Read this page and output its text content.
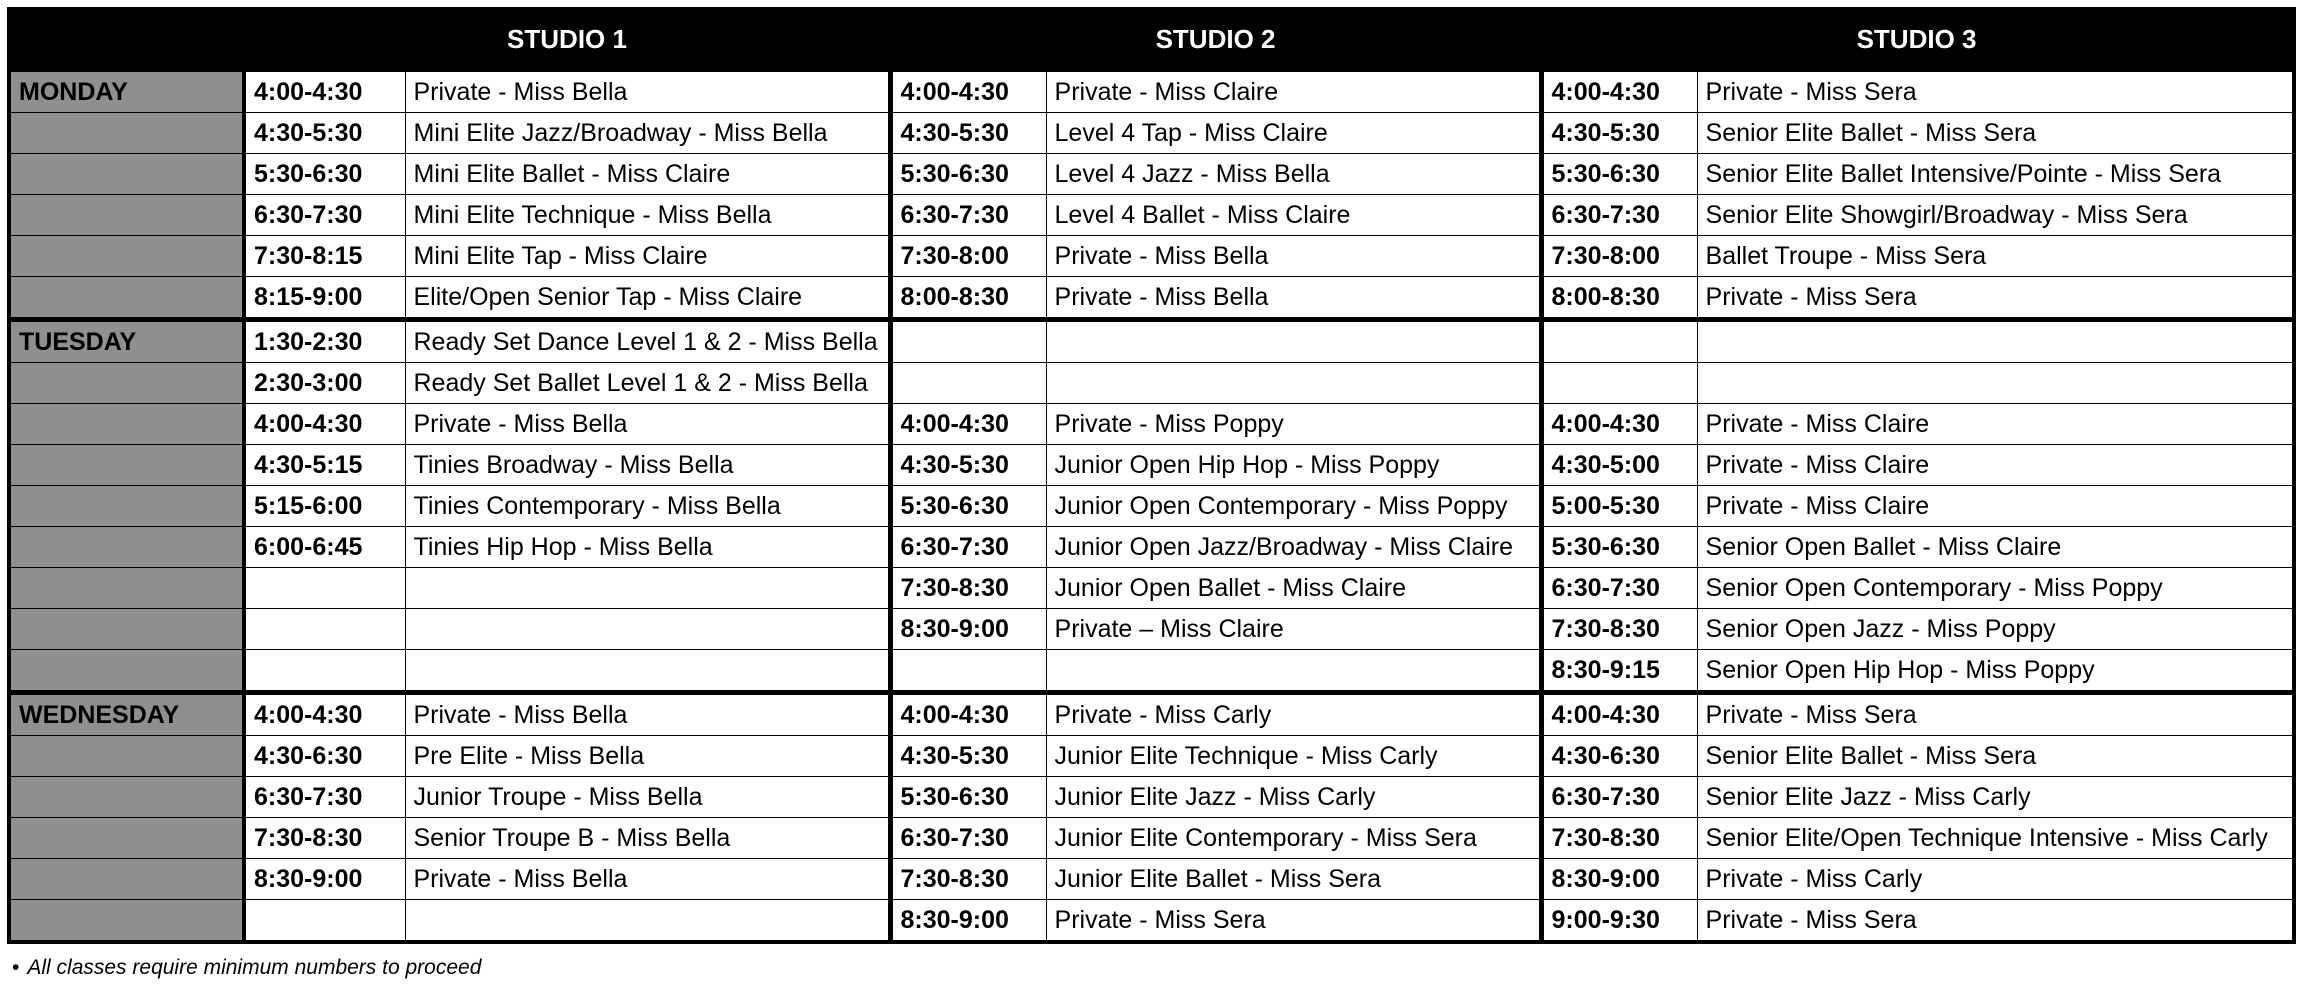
	STUDIO 1		STUDIO 2		STUDIO 3	
MONDAY	4:00-4:30	Private - Miss Bella	4:00-4:30	Private - Miss Claire	4:00-4:30	Private - Miss Sera
	4:30-5:30	Mini Elite Jazz/Broadway - Miss Bella	4:30-5:30	Level 4 Tap - Miss Claire	4:30-5:30	Senior Elite Ballet - Miss Sera
	5:30-6:30	Mini Elite Ballet - Miss Claire	5:30-6:30	Level 4 Jazz - Miss Bella	5:30-6:30	Senior Elite Ballet Intensive/Pointe - Miss Sera
	6:30-7:30	Mini Elite Technique - Miss Bella	6:30-7:30	Level 4 Ballet - Miss Claire	6:30-7:30	Senior Elite Showgirl/Broadway - Miss Sera
	7:30-8:15	Mini Elite Tap - Miss Claire	7:30-8:00	Private - Miss Bella	7:30-8:00	Ballet Troupe - Miss Sera
	8:15-9:00	Elite/Open Senior Tap - Miss Claire	8:00-8:30	Private - Miss Bella	8:00-8:30	Private - Miss Sera
TUESDAY	1:30-2:30	Ready Set Dance Level 1 & 2 - Miss Bella				
	2:30-3:00	Ready Set Ballet Level 1 & 2 - Miss Bella				
	4:00-4:30	Private - Miss Bella	4:00-4:30	Private - Miss Poppy	4:00-4:30	Private - Miss Claire
	4:30-5:15	Tinies Broadway - Miss Bella	4:30-5:30	Junior Open Hip Hop - Miss Poppy	4:30-5:00	Private - Miss Claire
	5:15-6:00	Tinies Contemporary - Miss Bella	5:30-6:30	Junior Open Contemporary - Miss Poppy	5:00-5:30	Private - Miss Claire
	6:00-6:45	Tinies Hip Hop - Miss Bella	6:30-7:30	Junior Open Jazz/Broadway - Miss Claire	5:30-6:30	Senior Open Ballet - Miss Claire
			7:30-8:30	Junior Open Ballet - Miss Claire	6:30-7:30	Senior Open Contemporary - Miss Poppy
			8:30-9:00	Private – Miss Claire	7:30-8:30	Senior Open Jazz - Miss Poppy
					8:30-9:15	Senior Open Hip Hop - Miss Poppy
WEDNESDAY	4:00-4:30	Private - Miss Bella	4:00-4:30	Private - Miss Carly	4:00-4:30	Private - Miss Sera
	4:30-6:30	Pre Elite - Miss Bella	4:30-5:30	Junior Elite Technique - Miss Carly	4:30-6:30	Senior Elite Ballet - Miss Sera
	6:30-7:30	Junior Troupe - Miss Bella	5:30-6:30	Junior Elite Jazz - Miss Carly	6:30-7:30	Senior Elite Jazz - Miss Carly
	7:30-8:30	Senior Troupe B - Miss Bella	6:30-7:30	Junior Elite Contemporary - Miss Sera	7:30-8:30	Senior Elite/Open Technique Intensive - Miss Carly
	8:30-9:00	Private - Miss Bella	7:30-8:30	Junior Elite Ballet - Miss Sera	8:30-9:00	Private - Miss Carly
			8:30-9:00	Private - Miss Sera	9:00-9:30	Private - Miss Sera
• All classes require minimum numbers to proceed
